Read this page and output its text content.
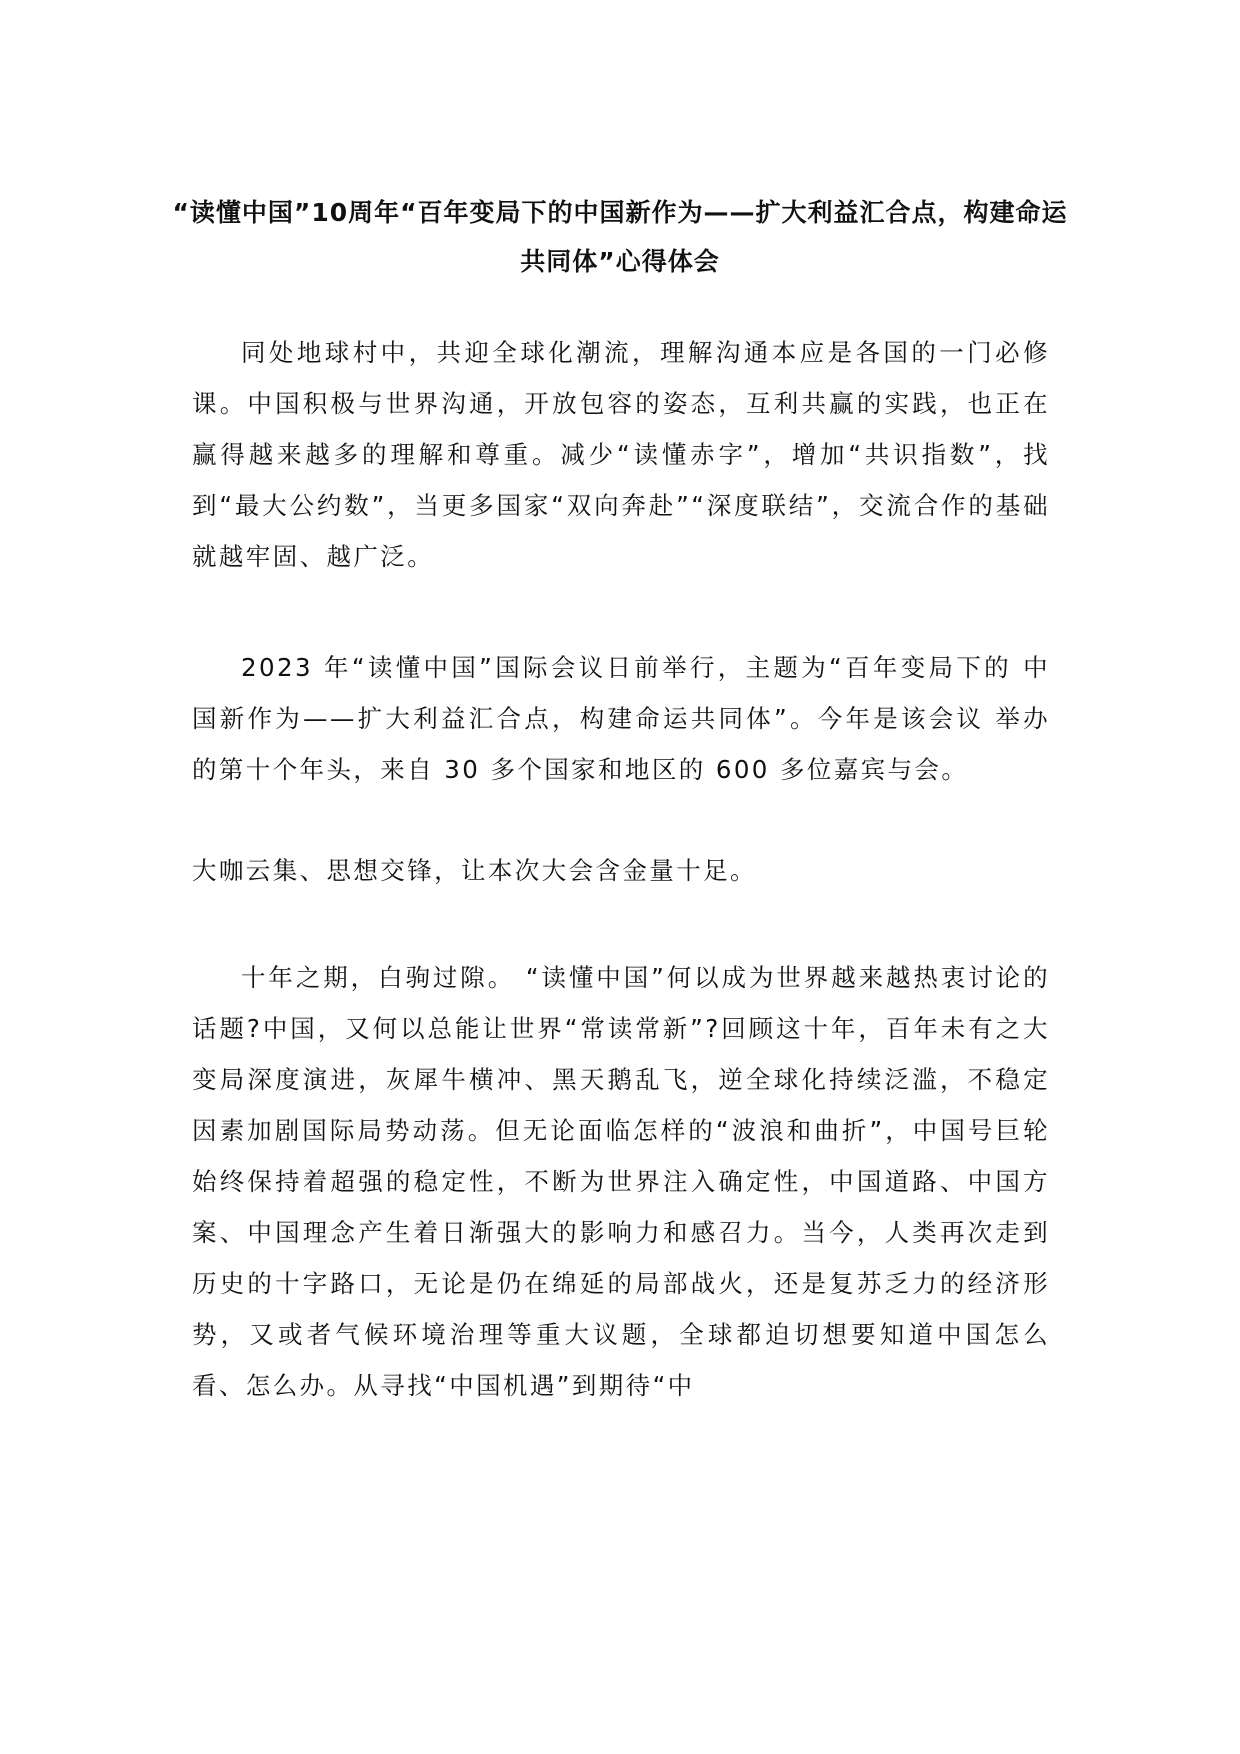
“读懂中国”10周年“百年变局下的中国新作为——扩大利益汇合点，构建命运共同体”心得体会

同处地球村中，共迎全球化潮流，理解沟通本应是各国的一门必修课。中国积极与世界沟通，开放包容的姿态，互利共赢的实践，也正在赢得越来越多的理解和尊重。减少“读懂赤字”，增加“共识指数”，找到“最大公约数”，当更多国家“双向奔赴”“深度联结”，交流合作的基础就越牢固、越广泛。

2023 年“读懂中国”国际会议日前举行，主题为“百年变局下的 中国新作为——扩大利益汇合点，构建命运共同体”。今年是该会议 举办的第十个年头，来自 30 多个国家和地区的 600 多位嘉宾与会。

大咖云集、思想交锋，让本次大会含金量十足。

十年之期，白驹过隙。 “读懂中国”何以成为世界越来越热衷讨论的话题?中国，又何以总能让世界“常读常新”?回顾这十年，百年未有之大变局深度演进，灰犀牛横冲、黑天鹅乱飞，逆全球化持续泛滥，不稳定因素加剧国际局势动荡。但无论面临怎样的“波浪和曲折”，中国号巨轮始终保持着超强的稳定性，不断为世界注入确定性，中国道路、中国方案、中国理念产生着日渐强大的影响力和感召力。当今，人类再次走到历史的十字路口，无论是仍在绵延的局部战火，还是复苏乏力的经济形势，又或者气候环境治理等重大议题，全球都迫切想要知道中国怎么看、怎么办。从寻找“中国机遇”到期待“中
